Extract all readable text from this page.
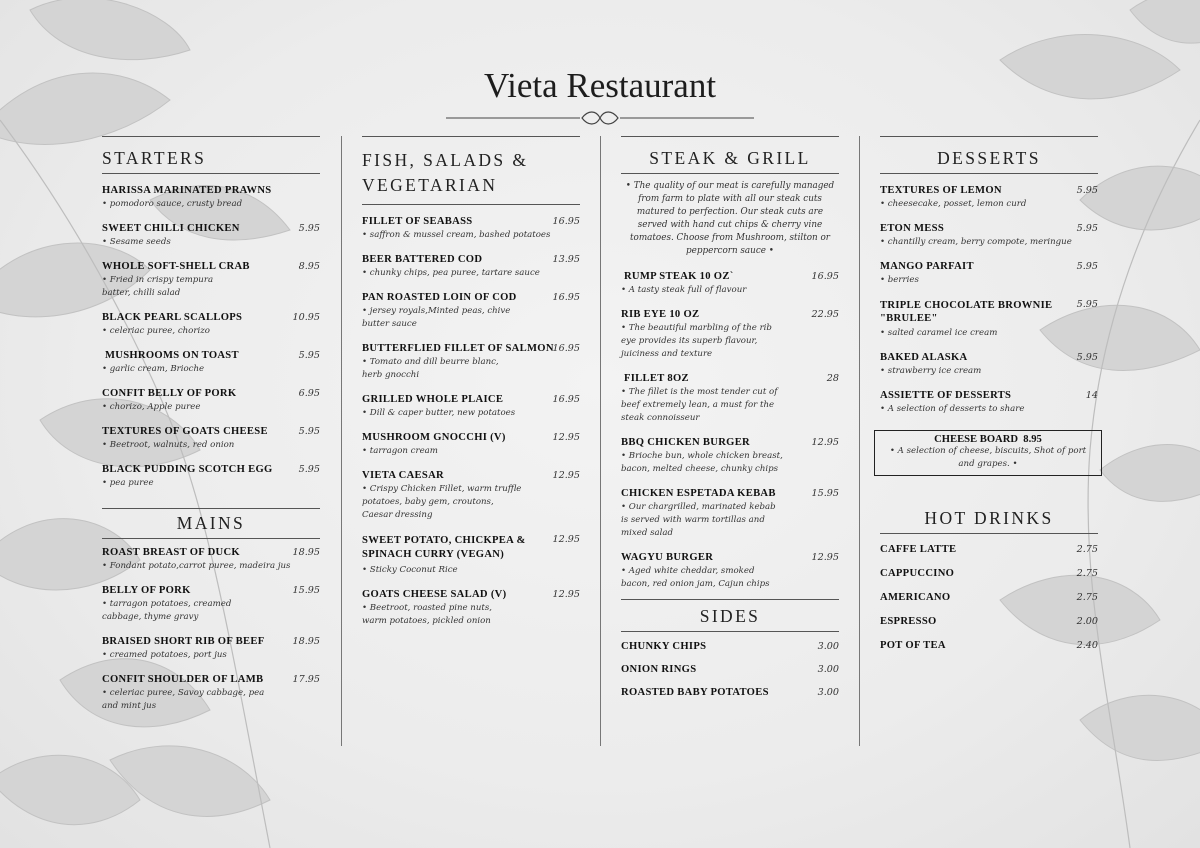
Vieta Restaurant
STARTERS
HARISSA MARINATED PRAWNS
• pomodoro sauce, crusty bread
SWEET CHILLI CHICKEN	5.95
• Sesame seeds
WHOLE SOFT-SHELL CRAB	8.95
• Fried in crispy tempura batter, chilli salad
BLACK PEARL SCALLOPS	10.95
• celeriac puree, chorizo
MUSHROOMS ON TOAST	5.95
• garlic cream, Brioche
CONFIT BELLY OF PORK	6.95
• chorizo, Apple puree
TEXTURES OF GOATS CHEESE	5.95
• Beetroot, walnuts, red onion
BLACK PUDDING SCOTCH EGG	5.95
• pea puree
MAINS
ROAST BREAST OF DUCK	18.95
• Fondant potato,carrot puree, madeira jus
BELLY OF PORK	15.95
• tarragon potatoes, creamed cabbage, thyme gravy
BRAISED SHORT RIB OF BEEF	18.95
• creamed potatoes, port jus
CONFIT SHOULDER OF LAMB	17.95
• celeriac puree, Savoy cabbage, pea and mint jus
FISH, SALADS & VEGETARIAN
FILLET OF SEABASS	16.95
• saffron & mussel cream, bashed potatoes
BEER BATTERED COD	13.95
• chunky chips, pea puree, tartare sauce
PAN ROASTED LOIN OF COD	16.95
• jersey royals,Minted peas, chive butter sauce
BUTTERFLIED FILLET OF SALMON
16.95
• Tomato and dill beurre blanc, herb gnocchi
GRILLED WHOLE PLAICE	16.95
• Dill & caper butter, new potatoes
MUSHROOM GNOCCHI (V)	12.95
• tarragon cream
VIETA CAESAR	12.95
• Crispy Chicken Fillet, warm truffle potatoes, baby gem, croutons, Caesar dressing
SWEET POTATO, CHICKPEA & SPINACH CURRY (VEGAN)
12.95
• Sticky Coconut Rice
GOATS CHEESE SALAD (V)	12.95
• Beetroot, roasted pine nuts, warm potatoes, pickled onion
STEAK & GRILL
• The quality of our meat is carefully managed from farm to plate with all our steak cuts matured to perfection. Our steak cuts are served with hand cut chips & cherry vine tomatoes. Choose from Mushroom, stilton or peppercorn sauce •
RUMP STEAK 10 OZ`	16.95
• A tasty steak full of flavour
RIB EYE 10 OZ	22.95
• The beautiful marbling of the rib eye provides its superb flavour, juiciness and texture
FILLET 8OZ	28
• The fillet is the most tender cut of beef extremely lean, a must for the steak connoisseur
BBQ CHICKEN BURGER	12.95
• Brioche bun, whole chicken breast, bacon, melted cheese, chunky chips
CHICKEN ESPETADA KEBAB	15.95
• Our chargrilled, marinated kebab is served with warm tortillas and mixed salad
WAGYU BURGER	12.95
• Aged white cheddar, smoked bacon, red onion jam, Cajun chips
SIDES
CHUNKY CHIPS	3.00
ONION RINGS	3.00
ROASTED BABY POTATOES	3.00
DESSERTS
TEXTURES OF LEMON	5.95
• cheesecake, posset, lemon curd
ETON MESS	5.95
• chantilly cream, berry compote, meringue
MANGO PARFAIT	5.95
• berries
TRIPLE CHOCOLATE BROWNIE "BRULEE"
5.95
• salted caramel ice cream
BAKED ALASKA	5.95
• strawberry ice cream
ASSIETTE OF DESSERTS	14
• A selection of desserts to share
HOT DRINKS
CAFFE LATTE	2.75
CAPPUCCINO	2.75
AMERICANO	2.75
ESPRESSO	2.00
POT OF TEA	2.40
CHEESE BOARD  8.95
• A selection of cheese, biscuits, Shot of port and grapes. •
